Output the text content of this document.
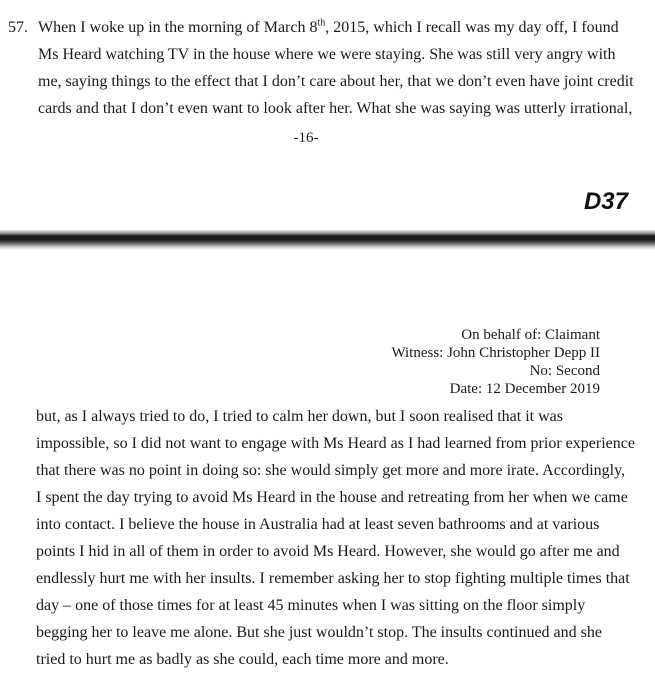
57. When I woke up in the morning of March 8th, 2015, which I recall was my day off, I found
Ms Heard watching TV in the house where we were staying. She was still very angry with
me, saying things to the effect that I don’t care about her, that we don’t even have joint credit
cards and that I don’t even want to look after her. What she was saying was utterly irrational,
-16-
D37
On behalf of: Claimant
Witness: John Christopher Depp II
No: Second
Date: 12 December 2019
but, as I always tried to do, I tried to calm her down, but I soon realised that it was
impossible, so I did not want to engage with Ms Heard as I had learned from prior experience
that there was no point in doing so: she would simply get more and more irate. Accordingly,
I spent the day trying to avoid Ms Heard in the house and retreating from her when we came
into contact. I believe the house in Australia had at least seven bathrooms and at various
points I hid in all of them in order to avoid Ms Heard. However, she would go after me and
endlessly hurt me with her insults. I remember asking her to stop fighting multiple times that
day – one of those times for at least 45 minutes when I was sitting on the floor simply
begging her to leave me alone. But she just wouldn’t stop. The insults continued and she
tried to hurt me as badly as she could, each time more and more.
